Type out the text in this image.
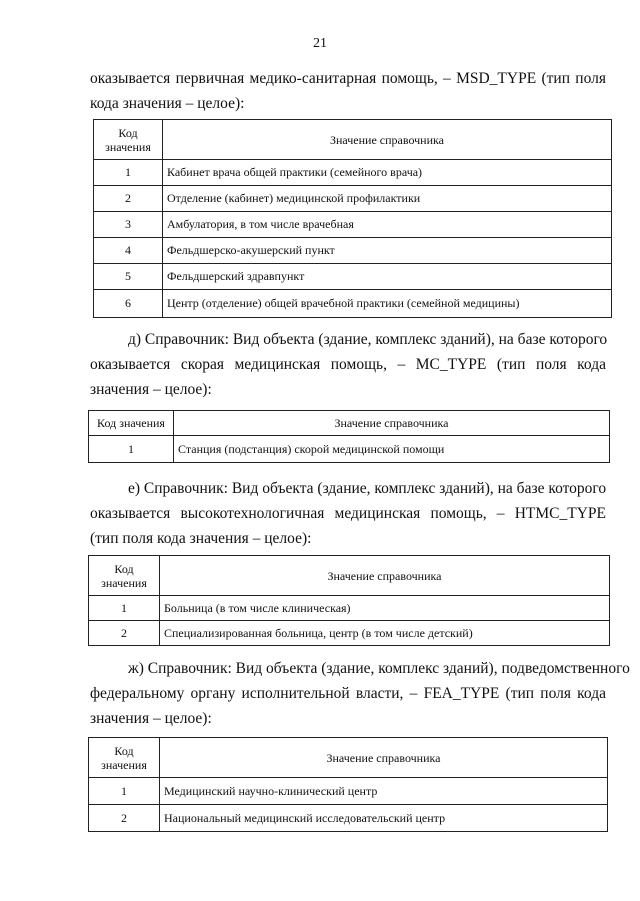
21
оказывается первичная медико-санитарная помощь, – MSD_TYPE (тип поля
кода значения – целое):
Код значения	Значение справочника
1	Кабинет врача общей практики (семейного врача)
2	Отделение (кабинет) медицинской профилактики
3	Амбулатория, в том числе врачебная
4	Фельдшерско-акушерский пункт
5	Фельдшерский здравпункт
6	Центр (отделение) общей врачебной практики (семейной медицины)
д) Справочник: Вид объекта (здание, комплекс зданий), на базе которого
оказывается скорая медицинская помощь, – MC_TYPE (тип поля кода
значения – целое):
Код значения	Значение справочника
1	Станция (подстанция) скорой медицинской помощи
е) Справочник: Вид объекта (здание, комплекс зданий), на базе которого
оказывается высокотехнологичная медицинская помощь, – HTMC_TYPE
(тип поля кода значения – целое):
Код значения	Значение справочника
1	Больница (в том числе клиническая)
2	Специализированная больница, центр (в том числе детский)
ж) Справочник: Вид объекта (здание, комплекс зданий), подведомственного
федеральному органу исполнительной власти, – FEA_TYPE (тип поля кода
значения – целое):
Код значения	Значение справочника
1	Медицинский научно-клинический центр
2	Национальный медицинский исследовательский центр
